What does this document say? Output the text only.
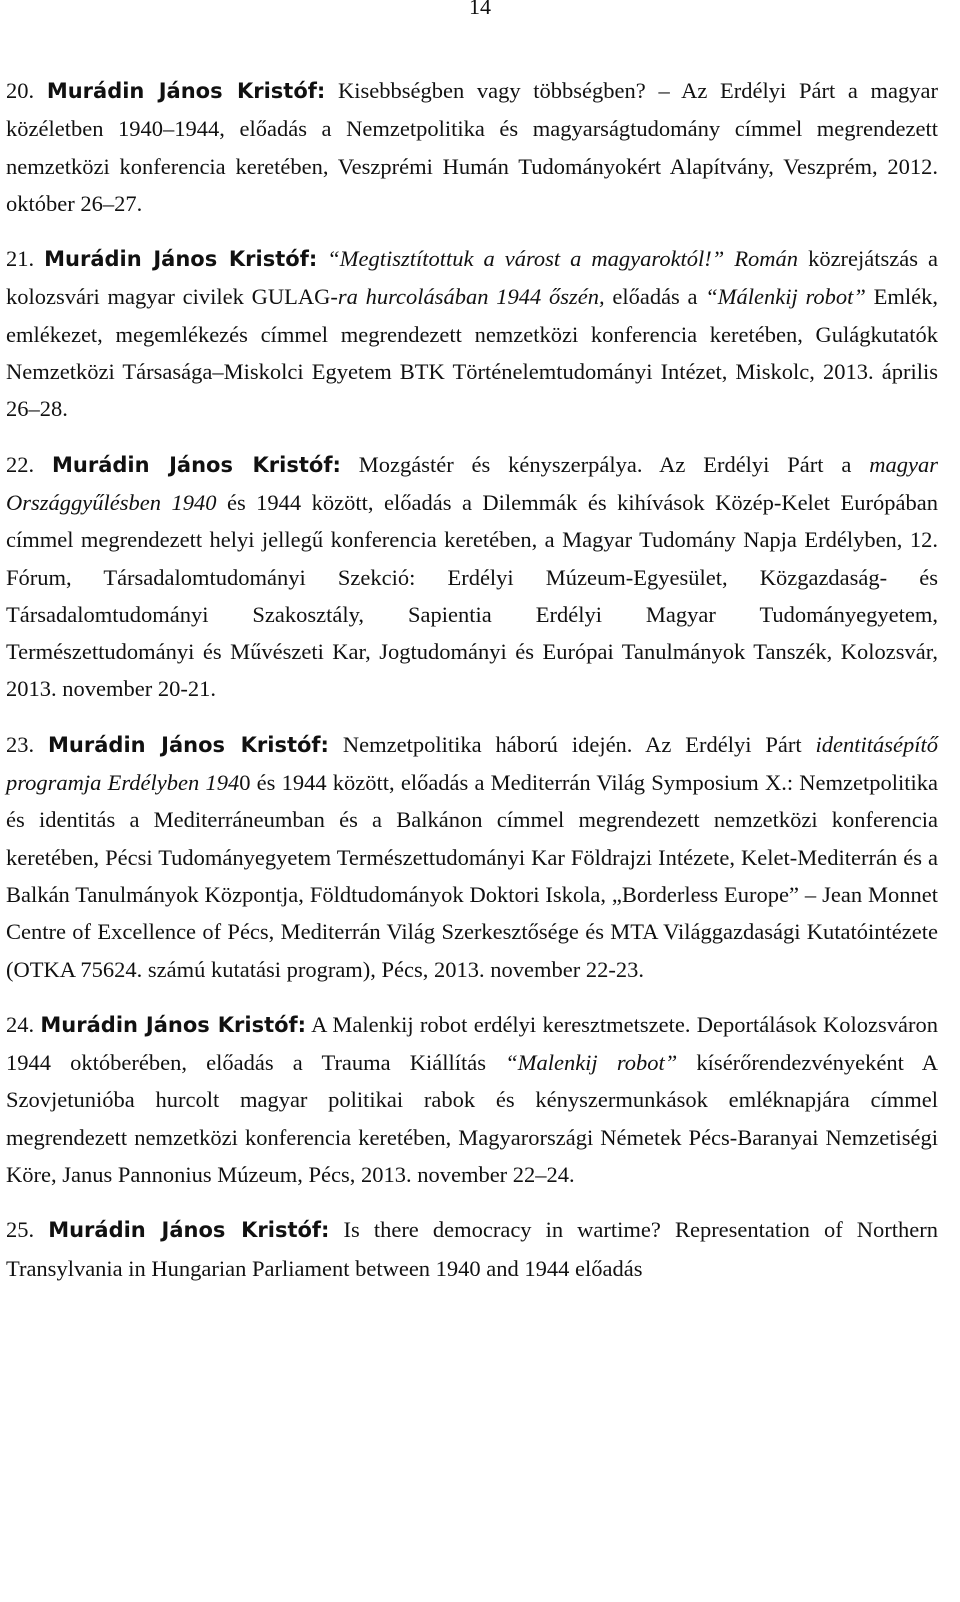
14

20. Murádin János Kristóf: Kisebbségben vagy többségben? – Az Erdélyi Párt a magyar közéletben 1940–1944, előadás a Nemzetpolitika és magyarságtudomány címmel megrendezett nemzetközi konferencia keretében, Veszprémi Humán Tudományokért Alapítvány, Veszprém, 2012. október 26–27.

21. Murádin János Kristóf: “Megtisztítottuk a várost a magyaroktól!” Román közrejátszás a kolozsvári magyar civilek GULAG-ra hurcolásában 1944 őszén, előadás a “Málenkij robot” Emlék, emlékezet, megemlékezés címmel megrendezett nemzetközi konferencia keretében, Gulágkutatók Nemzetközi Társasága–Miskolci Egyetem BTK Történelemtudományi Intézet, Miskolc, 2013. április 26–28.

22. Murádin János Kristóf: Mozgástér és kényszerpálya. Az Erdélyi Párt a magyar Országgyűlésben 1940 és 1944 között, előadás a Dilemmák és kihívások Közép-Kelet Európában címmel megrendezett helyi jellegű konferencia keretében, a Magyar Tudomány Napja Erdélyben, 12. Fórum, Társadalomtudományi Szekció: Erdélyi Múzeum-Egyesület, Közgazdaság- és Társadalomtudományi Szakosztály, Sapientia Erdélyi Magyar Tudományegyetem, Természettudományi és Művészeti Kar, Jogtudományi és Európai Tanulmányok Tanszék, Kolozsvár, 2013. november 20-21.

23. Murádin János Kristóf: Nemzetpolitika háború idején. Az Erdélyi Párt identitásépítő programja Erdélyben 1940 és 1944 között, előadás a Mediterrán Világ Symposium X.: Nemzetpolitika és identitás a Mediterráneumban és a Balkánon címmel megrendezett nemzetközi konferencia keretében, Pécsi Tudományegyetem Természettudományi Kar Földrajzi Intézete, Kelet-Mediterrán és a Balkán Tanulmányok Központja, Földtudományok Doktori Iskola, „Borderless Europe” – Jean Monnet Centre of Excellence of Pécs, Mediterrán Világ Szerkesztősége és MTA Világgazdasági Kutatóintézete (OTKA 75624. számú kutatási program), Pécs, 2013. november 22-23.

24. Murádin János Kristóf: A Malenkij robot erdélyi keresztmetszete. Deportálások Kolozsváron 1944 októberében, előadás a Trauma Kiállítás “Malenkij robot” kísérőrendezvényeként A Szovjetunióba hurcolt magyar politikai rabok és kényszermunkások emléknapjára címmel megrendezett nemzetközi konferencia keretében, Magyarországi Németek Pécs-Baranyai Nemzetiségi Köre, Janus Pannonius Múzeum, Pécs, 2013. november 22–24.

25. Murádin János Kristóf: Is there democracy in wartime? Representation of Northern Transylvania in Hungarian Parliament between 1940 and 1944 előadás
